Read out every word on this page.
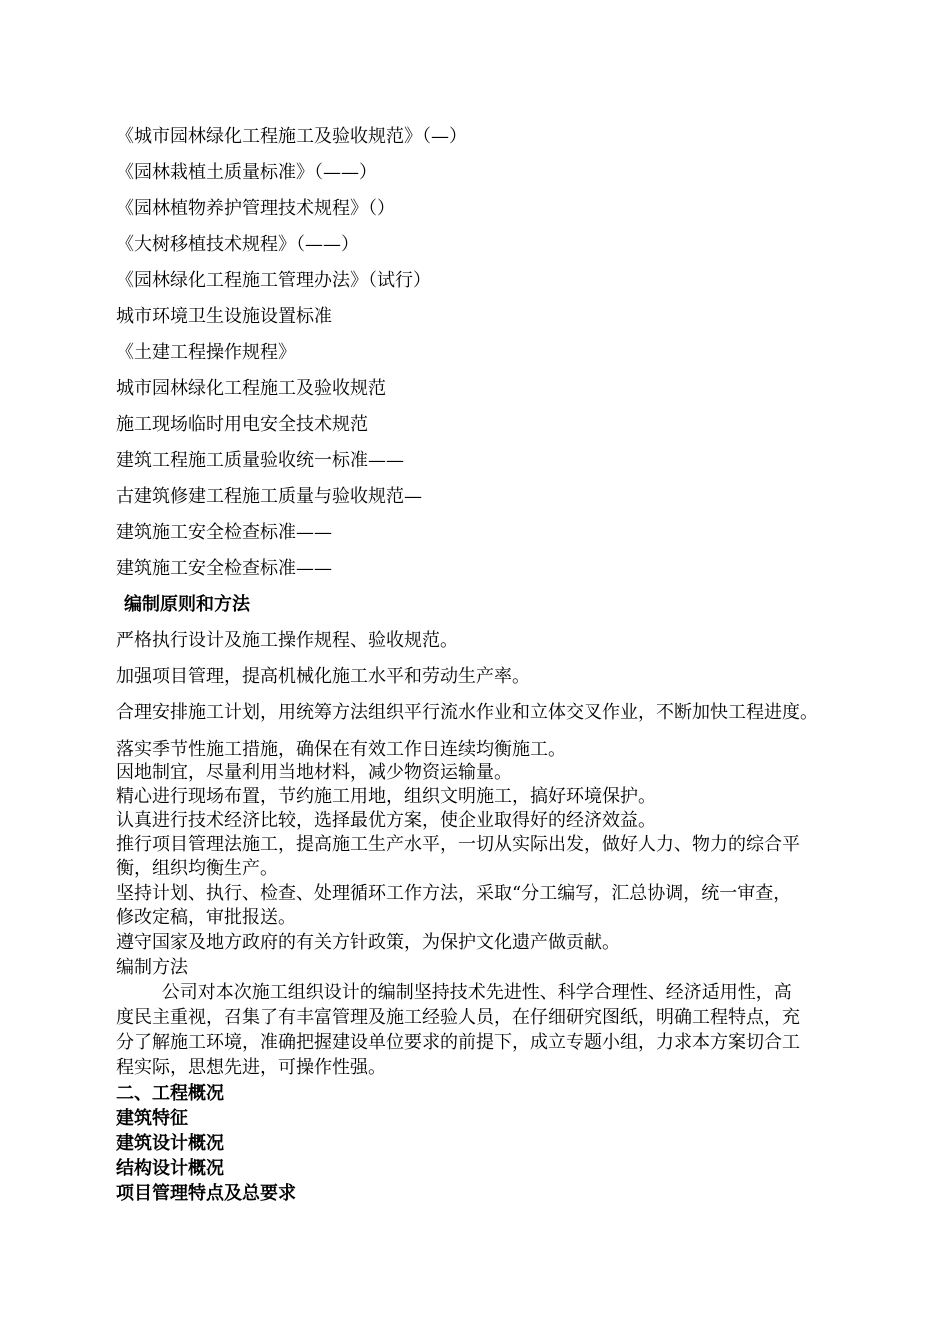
《城市园林绿化工程施工及验收规范》（—）
《园林栽植土质量标准》（——）
《园林植物养护管理技术规程》（）
《大树移植技术规程》（——）
《园林绿化工程施工管理办法》（试行）
城市环境卫生设施设置标准
《土建工程操作规程》
城市园林绿化工程施工及验收规范
施工现场临时用电安全技术规范
建筑工程施工质量验收统一标准——
古建筑修建工程施工质量与验收规范—
建筑施工安全检查标准——
建筑施工安全检查标准——
编制原则和方法
严格执行设计及施工操作规程、验收规范。
加强项目管理，提高机械化施工水平和劳动生产率。
合理安排施工计划，用统筹方法组织平行流水作业和立体交叉作业，不断加快工程进度。
落实季节性施工措施，确保在有效工作日连续均衡施工。
因地制宜，尽量利用当地材料，减少物资运输量。
精心进行现场布置，节约施工用地，组织文明施工，搞好环境保护。
认真进行技术经济比较，选择最优方案，使企业取得好的经济效益。
推行项目管理法施工，提高施工生产水平，一切从实际出发，做好人力、物力的综合平
衡，组织均衡生产。
坚持计划、执行、检查、处理循环工作方法，采取“分工编写，汇总协调，统一审查，
修改定稿，审批报送。
遵守国家及地方政府的有关方针政策，为保护文化遗产做贡献。
编制方法
公司对本次施工组织设计的编制坚持技术先进性、科学合理性、经济适用性，高
度民主重视，召集了有丰富管理及施工经验人员，在仔细研究图纸，明确工程特点，充
分了解施工环境，准确把握建设单位要求的前提下，成立专题小组，力求本方案切合工
程实际，思想先进，可操作性强。
二、工程概况
建筑特征
建筑设计概况
结构设计概况
项目管理特点及总要求
